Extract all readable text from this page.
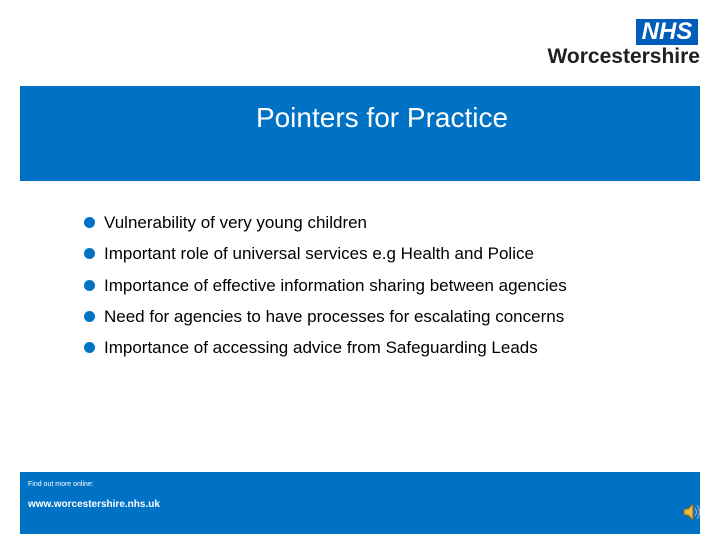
NHS
Worcestershire
Pointers for Practice
Vulnerability of very young children
Important role of universal services e.g Health and Police
Importance of effective information sharing between agencies
Need for agencies to have processes for escalating concerns
Importance of accessing advice from Safeguarding Leads
Find out more online:
www.worcestershire.nhs.uk
